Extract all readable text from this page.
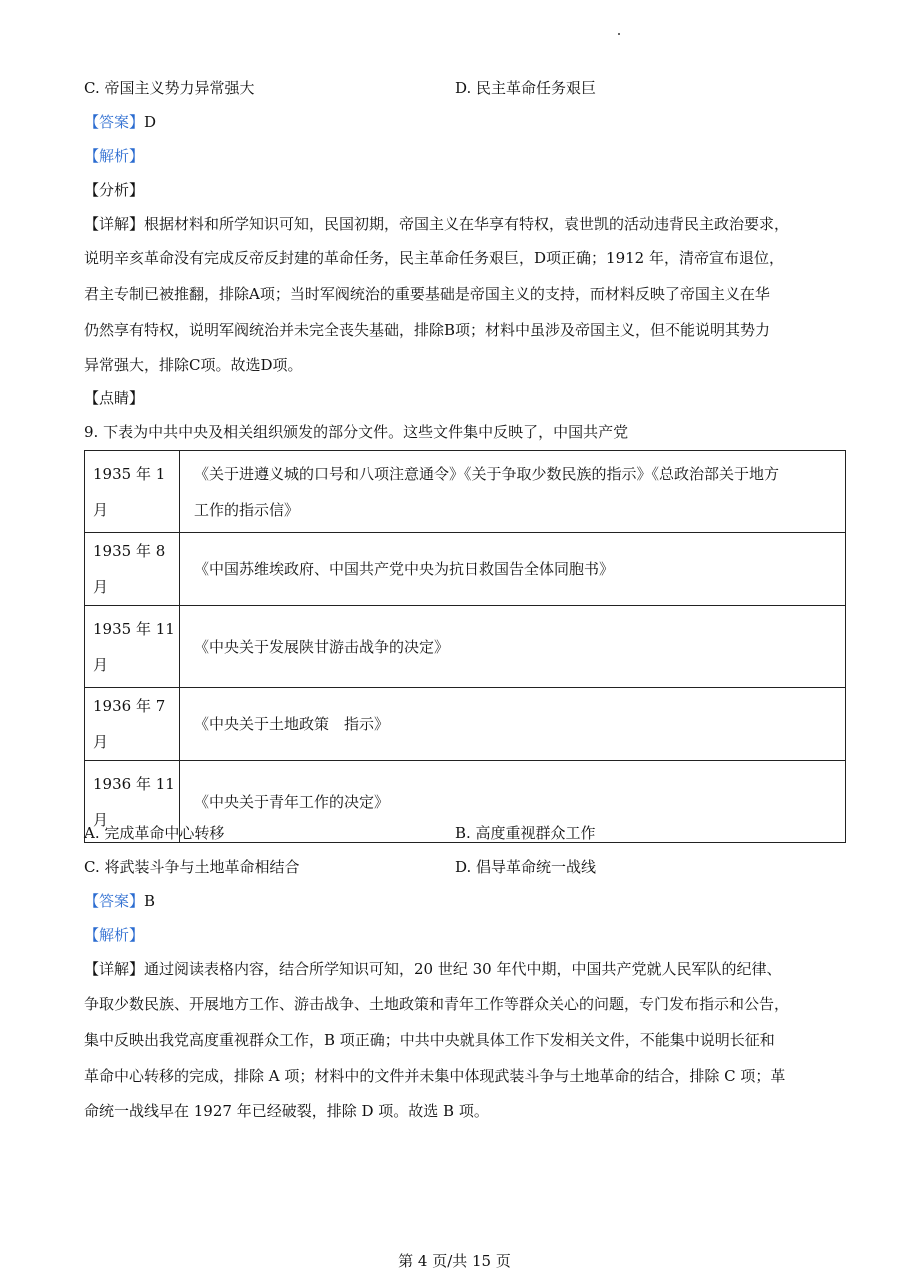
C. 帝国主义势力异常强大	D. 民主革命任务艰巨
【答案】D
【解析】
【分析】
【详解】根据材料和所学知识可知，民国初期，帝国主义在华享有特权，袁世凯的活动违背民主政治要求，
说明辛亥革命没有完成反帝反封建的革命任务，民主革命任务艰巨，D项正确；1912 年，清帝宣布退位，
君主专制已被推翻，排除A项；当时军阀统治的重要基础是帝国主义的支持，而材料反映了帝国主义在华
仍然享有特权，说明军阀统治并未完全丧失基础，排除B项；材料中虽涉及帝国主义，但不能说明其势力
异常强大，排除C项。故选D项。
【点睛】
9. 下表为中共中央及相关组织颁发的部分文件。这些文件集中反映了，中国共产党
1935 年 1 月	《关于进遵义城的口号和八项注意通令》《关于争取少数民族的指示》《总政治部关于地方
工作的指示信》

1935 年 8 月	《中国苏维埃政府、中国共产党中央为抗日救国告全体同胞书》

1935 年 11
月	《中央关于发展陕甘游击战争的决定》
1936 年 7 月	《中央关于土地政策　指示》

1936 年 11
月	《中央关于青年工作的决定》
A. 完成革命中心转移	B. 高度重视群众工作
C. 将武装斗争与土地革命相结合	D. 倡导革命统一战线
【答案】B
【解析】
【详解】通过阅读表格内容，结合所学知识可知，20 世纪 30 年代中期，中国共产党就人民军队的纪律、
争取少数民族、开展地方工作、游击战争、土地政策和青年工作等群众关心的问题，专门发布指示和公告，
集中反映出我党高度重视群众工作，B 项正确；中共中央就具体工作下发相关文件，不能集中说明长征和
革命中心转移的完成，排除 A 项；材料中的文件并未集中体现武装斗争与土地革命的结合，排除 C 项；革
命统一战线早在 1927 年已经破裂，排除 D 项。故选 B 项。
第 4 页/共 15 页
